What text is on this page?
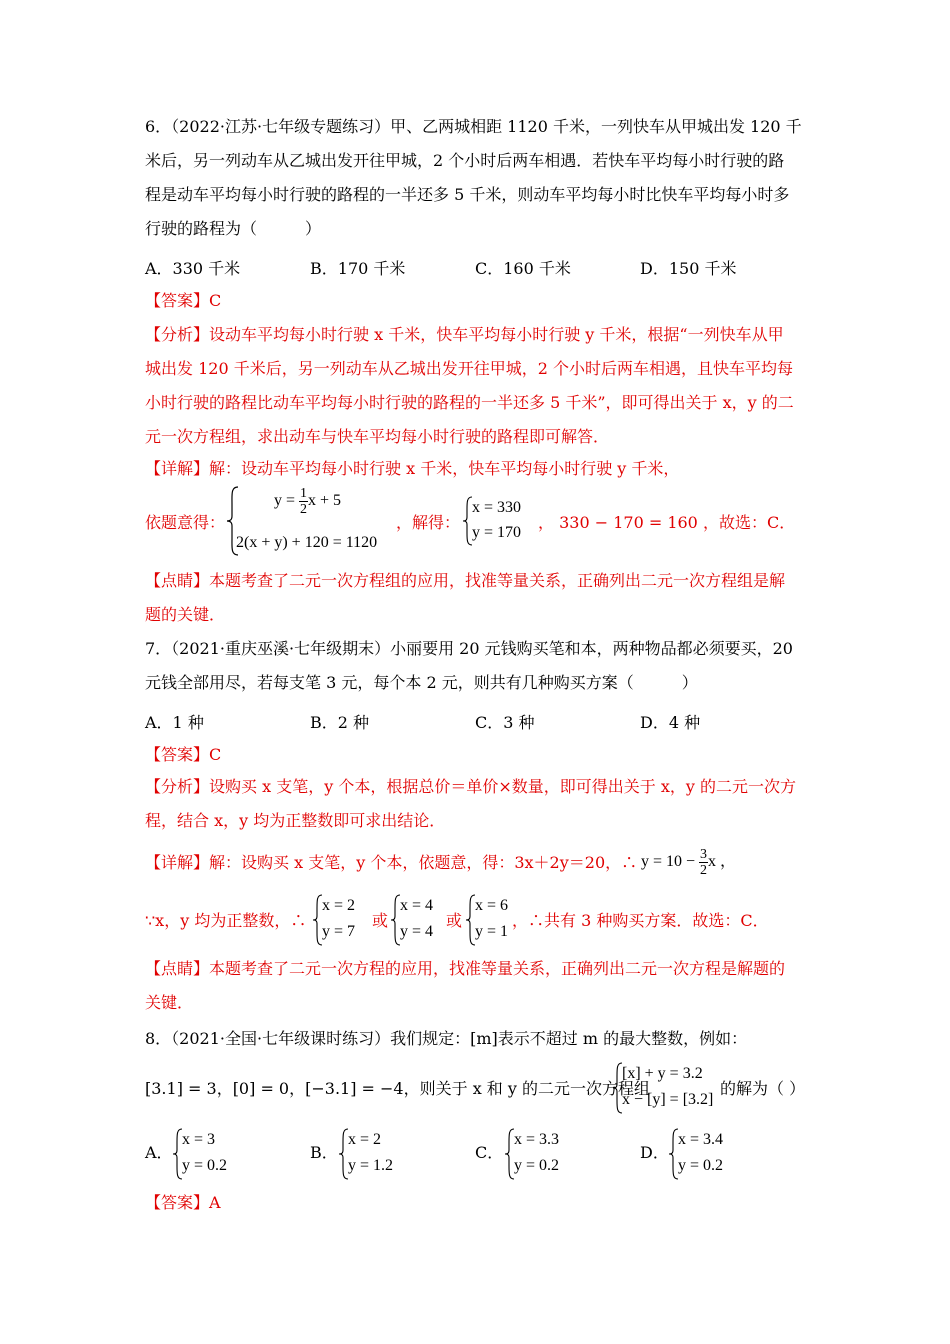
6．（2022·江苏·七年级专题练习）甲、乙两城相距 1120 千米，一列快车从甲城出发 120 千
米后，另一列动车从乙城出发开往甲城，2 个小时后两车相遇．若快车平均每小时行驶的路
程是动车平均每小时行驶的路程的一半还多 5 千米，则动车平均每小时比快车平均每小时多
行驶的路程为（　　　）
A．330 千米	B．170 千米	C．160 千米	D．150 千米
【答案】C
【分析】设动车平均每小时行驶 x 千米，快车平均每小时行驶 y 千米，根据“一列快车从甲
城出发 120 千米后，另一列动车从乙城出发开往甲城，2 个小时后两车相遇，且快车平均每
小时行驶的路程比动车平均每小时行驶的路程的一半还多 5 千米”，即可得出关于 x，y 的二
元一次方程组，求出动车与快车平均每小时行驶的路程即可解答．
【详解】解：设动车平均每小时行驶 x 千米，快车平均每小时行驶 y 千米，
依题意得：
$y = \frac{1}{2}$ x + 5
2(x + y) + 120 = 1120
，解得：
x = 330
y = 170
， 330 − 170 = 160 ，故选：C．
【点睛】本题考查了二元一次方程组的应用，找准等量关系，正确列出二元一次方程组是解
题的关键．
7．（2021·重庆巫溪·七年级期末）小丽要用 20 元钱购买笔和本，两种物品都必须要买，20
元钱全部用尽，若每支笔 3 元，每个本 2 元，则共有几种购买方案（　　　）
A．1 种	B．2 种	C．3 种	D．4 种
【答案】C
【分析】设购买 x 支笔，y 个本，根据总价＝单价×数量，即可得出关于 x，y 的二元一次方
程，结合 x，y 均为正整数即可求出结论．
【详解】解：设购买 x 支笔，y 个本，依题意，得：3x＋2y＝20，∴ $y = 10 - \frac{3}{2}$ x ，
∵x，y 均为正整数，∴
x = 2
y = 7
或
x = 4
y = 4
或
x = 6
y = 1
，∴共有 3 种购买方案．故选：C．
【点睛】本题考查了二元一次方程的应用，找准等量关系，正确列出二元一次方程是解题的
关键．
8．（2021·全国·七年级课时练习）我们规定：[m]表示不超过 m 的最大整数，例如：
[3.1] = 3，[0] = 0，[−3.1] = −4，则关于 x 和 y 的二元一次方程组
[x] + y = 3.2
x − [y] = [3.2]
的解为（ ）
A．
x = 3
y = 0.2
B．
x = 2
y = 1.2
C．
x = 3.3
y = 0.2
D．
x = 3.4
y = 0.2
【答案】A
